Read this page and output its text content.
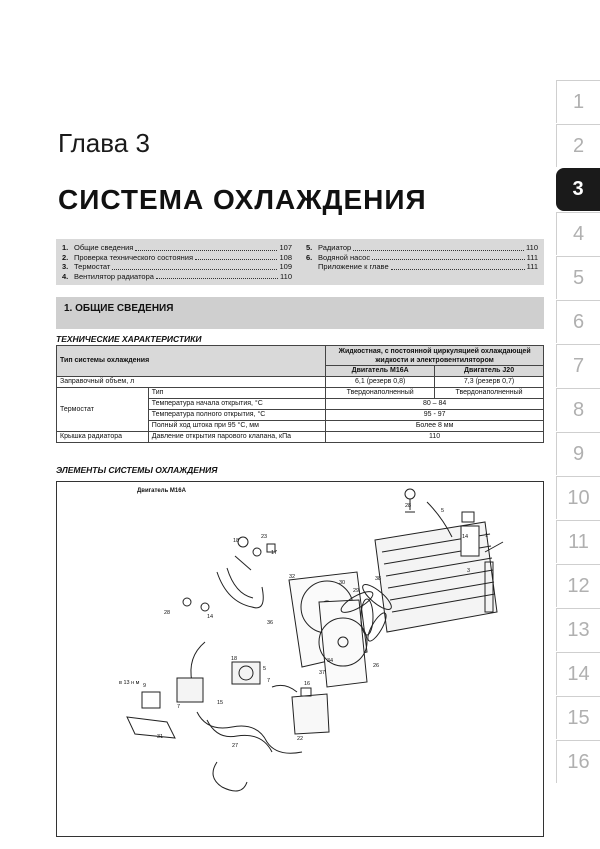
1
2
3
4
5
6
7
8
9
10
11
12
13
14
15
16
Глава 3
СИСТЕМА ОХЛАЖДЕНИЯ
1. Общие сведения	107
2. Проверка технического состояния	108
3. Термостат	109
4. Вентилятор радиатора	110
5. Радиатор	110
6. Водяной насос	111
Приложение к главе	111
1. ОБЩИЕ СВЕДЕНИЯ
ТЕХНИЧЕСКИЕ ХАРАКТЕРИСТИКИ
Тип системы охлаждения		Жидкостная, с постоянной циркуляцией охлаждающей жидкости и электровентилятором	
		Двигатель M16A	Двигатель J20
Заправочный объем, л		6,1 (резерв 0,8)	7,3 (резерв 0,7)
Термостат	Тип	Твердонаполненный	Твердонаполненный
	Температура начала открытия, °С	80 – 84	
	Температура полного открытия, °С	95 - 97	
	Полный ход штока при 95 °С, мм	Более 8 мм	
Крышка радиатора	Давление открытия парового клапана, кПа	110	
ЭЛЕМЕНТЫ СИСТЕМЫ ОХЛАЖДЕНИЯ
Двигатель M16A
28
5
14	1
3
38
29
30
32
36
26
37
34
18
23
17
28
14
9
в 13 н м
7
18
5
15
16
7
31
27
22
